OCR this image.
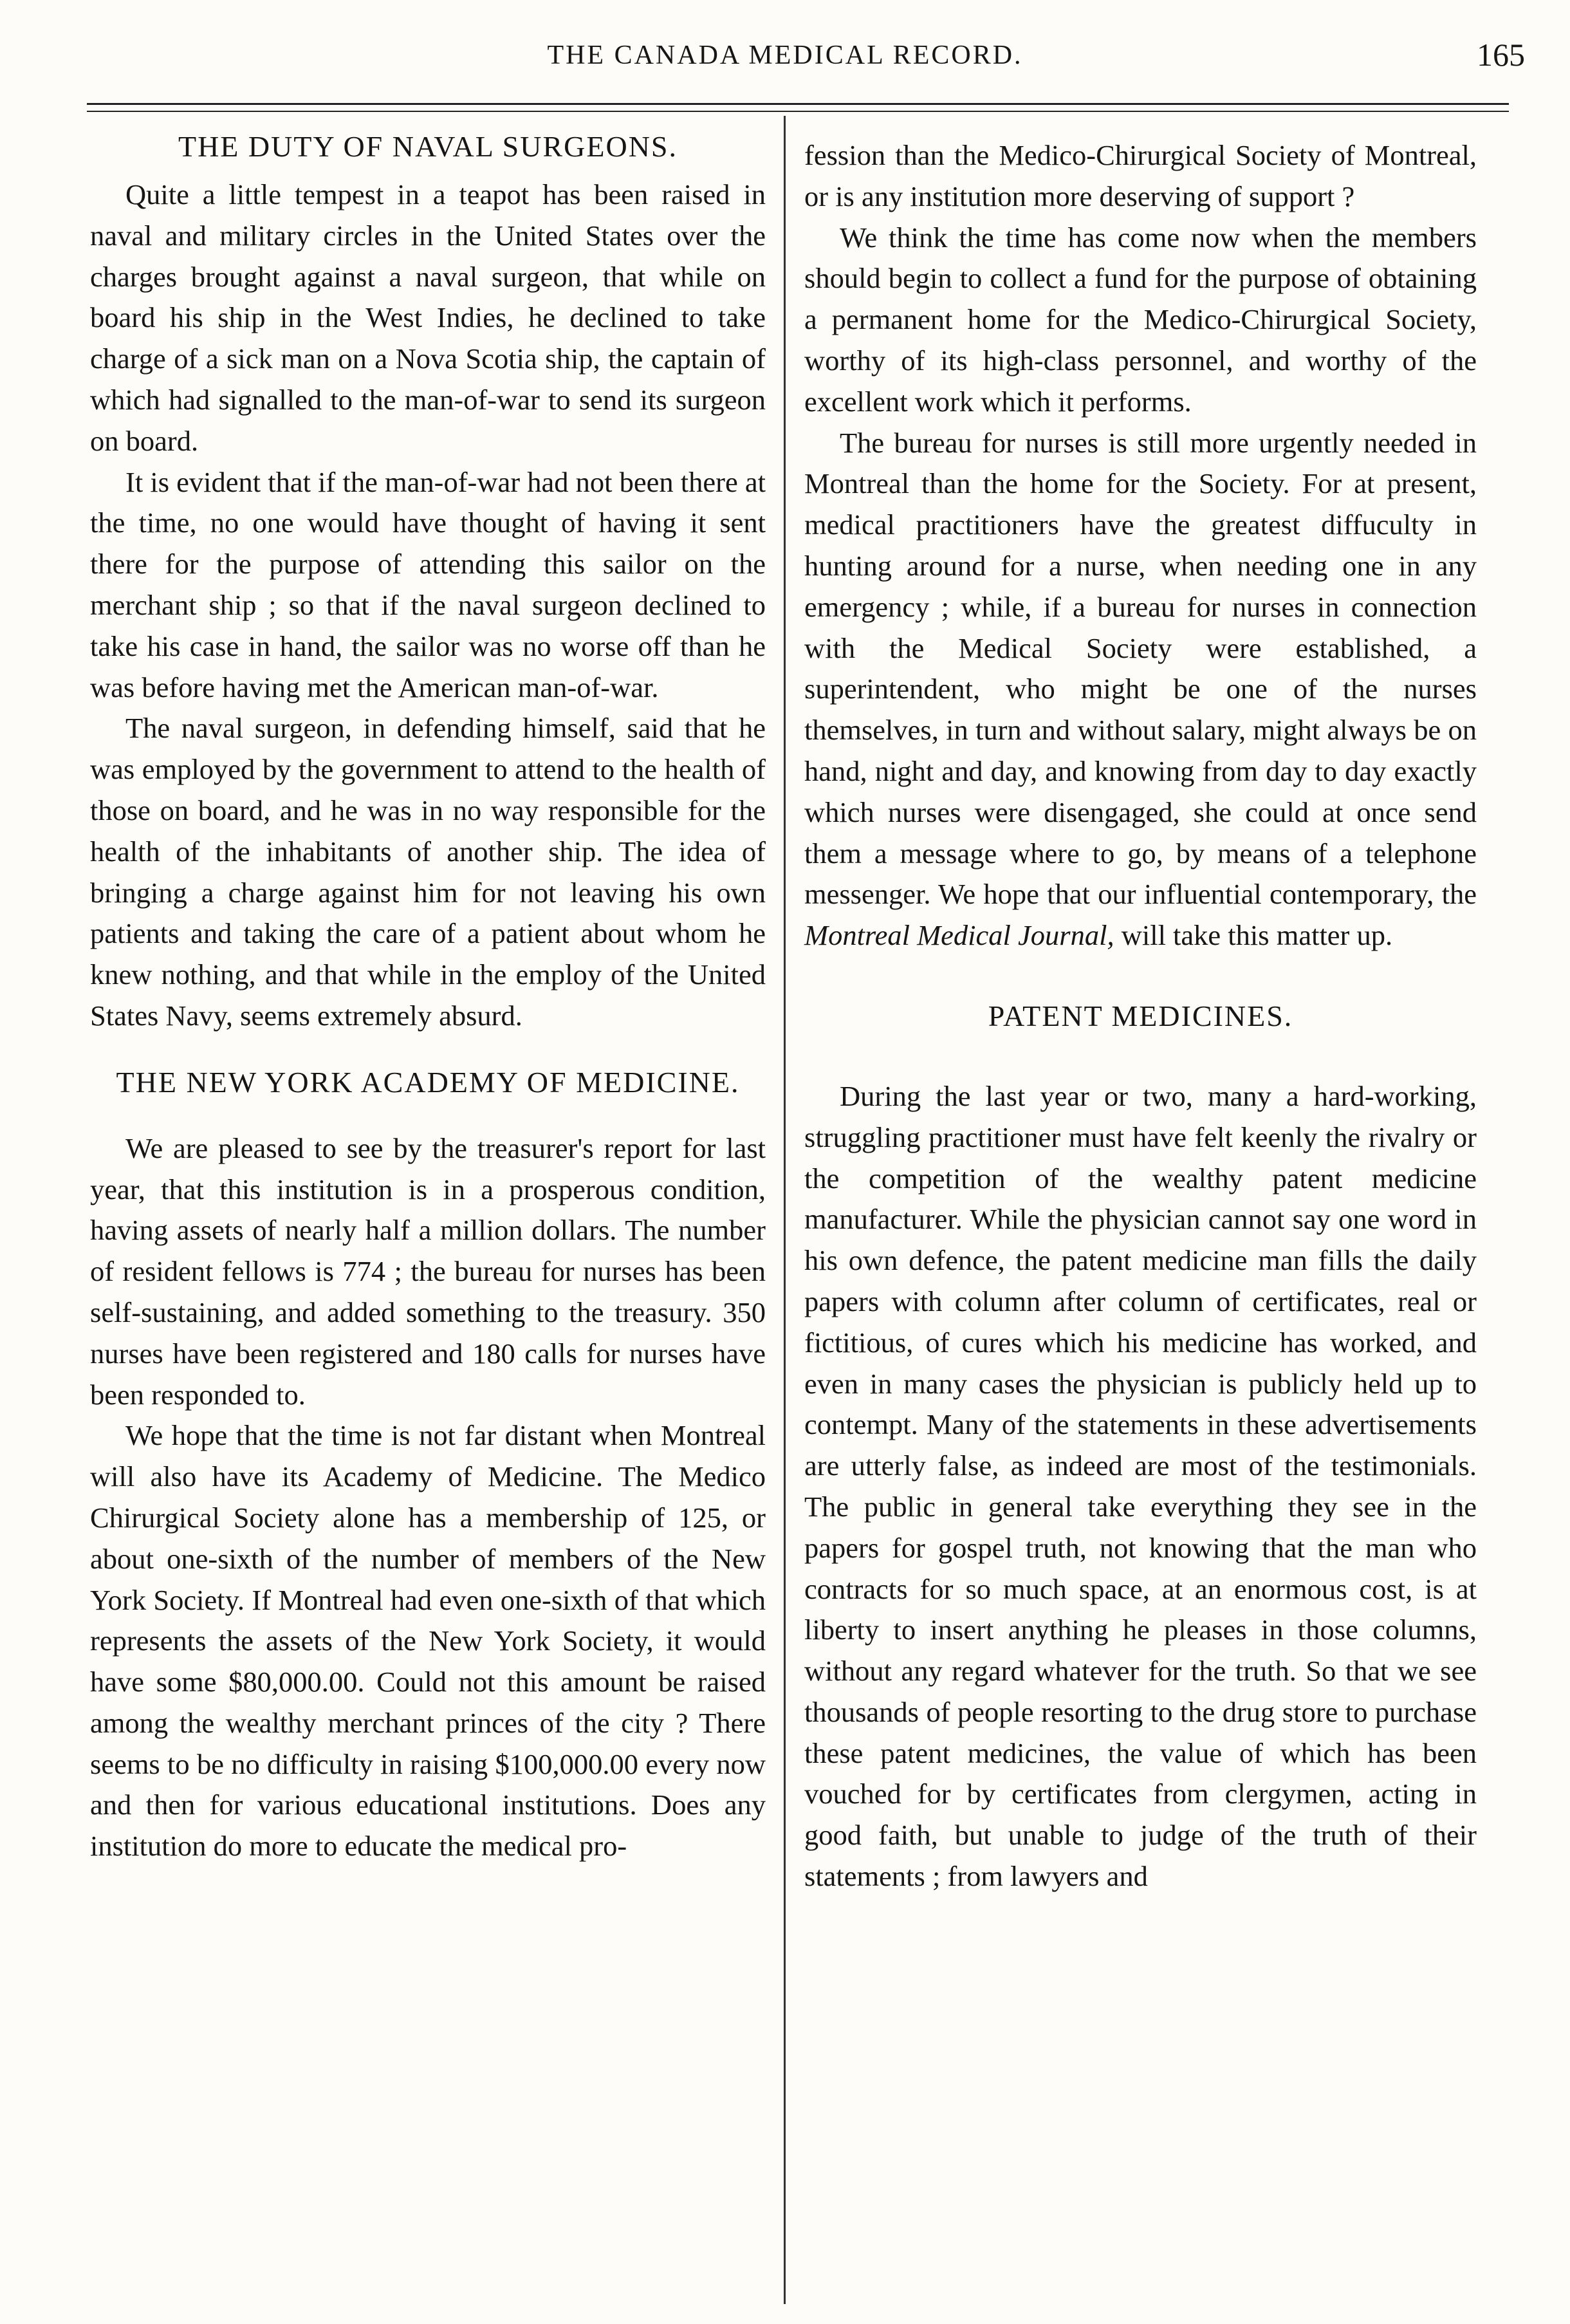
THE CANADA MEDICAL RECORD.	165
THE DUTY OF NAVAL SURGEONS.

Quite a little tempest in a teapot has been raised in naval and military circles in the United States over the charges brought against a naval surgeon, that while on board his ship in the West Indies, he declined to take charge of a sick man on a Nova Scotia ship, the captain of which had signalled to the man-of-war to send its surgeon on board.

It is evident that if the man-of-war had not been there at the time, no one would have thought of having it sent there for the purpose of attending this sailor on the merchant ship ; so that if the naval surgeon declined to take his case in hand, the sailor was no worse off than he was before having met the American man-of-war.

The naval surgeon, in defending himself, said that he was employed by the government to attend to the health of those on board, and he was in no way responsible for the health of the inhabitants of another ship. The idea of bringing a charge against him for not leaving his own patients and taking the care of a patient about whom he knew nothing, and that while in the employ of the United States Navy, seems extremely absurd.

THE NEW YORK ACADEMY OF MEDICINE.

We are pleased to see by the treasurer's report for last year, that this institution is in a prosperous condition, having assets of nearly half a million dollars. The number of resident fellows is 774 ; the bureau for nurses has been self-sustaining, and added something to the treasury. 350 nurses have been registered and 180 calls for nurses have been responded to.

We hope that the time is not far distant when Montreal will also have its Academy of Medicine. The Medico Chirurgical Society alone has a membership of 125, or about one-sixth of the number of members of the New York Society. If Montreal had even one-sixth of that which represents the assets of the New York Society, it would have some $80,000.00. Could not this amount be raised among the wealthy merchant princes of the city ? There seems to be no difficulty in raising $100,000.00 every now and then for various educational institutions. Does any institution do more to educate the medical pro-

fession than the Medico-Chirurgical Society of Montreal, or is any institution more deserving of support ?

We think the time has come now when the members should begin to collect a fund for the purpose of obtaining a permanent home for the Medico-Chirurgical Society, worthy of its high-class personnel, and worthy of the excellent work which it performs.

The bureau for nurses is still more urgently needed in Montreal than the home for the Society. For at present, medical practitioners have the greatest diffuculty in hunting around for a nurse, when needing one in any emergency ; while, if a bureau for nurses in connection with the Medical Society were established, a superintendent, who might be one of the nurses themselves, in turn and without salary, might always be on hand, night and day, and knowing from day to day exactly which nurses were disengaged, she could at once send them a message where to go, by means of a telephone messenger. We hope that our influential contemporary, the Montreal Medical Journal, will take this matter up.

PATENT MEDICINES.

During the last year or two, many a hard-working, struggling practitioner must have felt keenly the rivalry or the competition of the wealthy patent medicine manufacturer. While the physician cannot say one word in his own defence, the patent medicine man fills the daily papers with column after column of certificates, real or fictitious, of cures which his medicine has worked, and even in many cases the physician is publicly held up to contempt. Many of the statements in these advertisements are utterly false, as indeed are most of the testimonials. The public in general take everything they see in the papers for gospel truth, not knowing that the man who contracts for so much space, at an enormous cost, is at liberty to insert anything he pleases in those columns, without any regard whatever for the truth. So that we see thousands of people resorting to the drug store to purchase these patent medicines, the value of which has been vouched for by certificates from clergymen, acting in good faith, but unable to judge of the truth of their statements ; from lawyers and
